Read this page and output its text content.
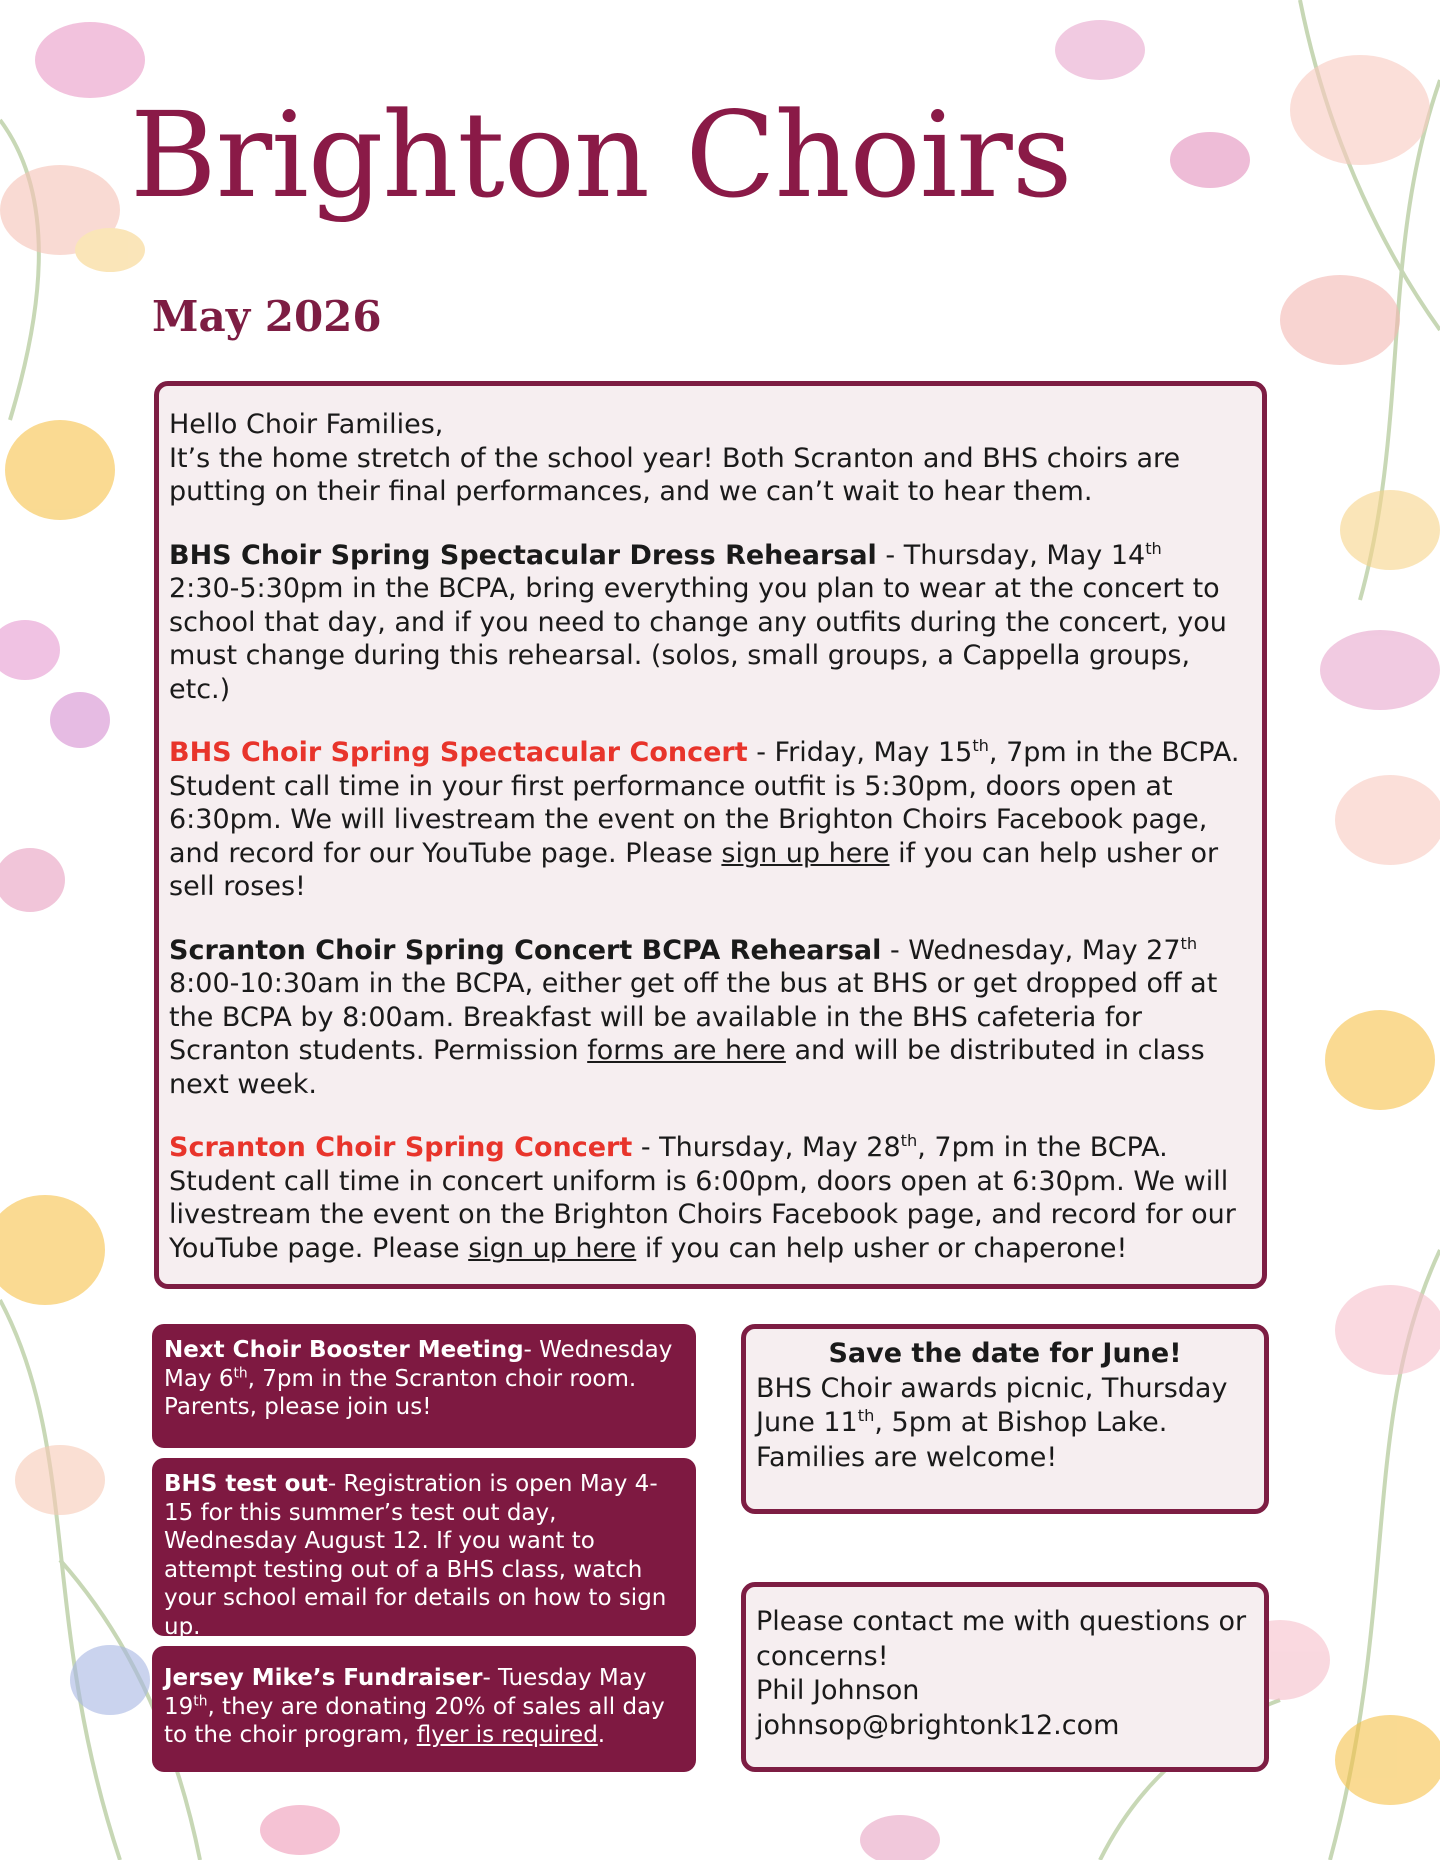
Brighton Choirs
May 2026

Hello Choir Families,
It’s the home stretch of the school year! Both Scranton and BHS choirs are putting on their final performances, and we can’t wait to hear them.

BHS Choir Spring Spectacular Dress Rehearsal - Thursday, May 14th 2:30-5:30pm in the BCPA, bring everything you plan to wear at the concert to school that day, and if you need to change any outfits during the concert, you must change during this rehearsal. (solos, small groups, a Cappella groups, etc.)

BHS Choir Spring Spectacular Concert - Friday, May 15th, 7pm in the BCPA. Student call time in your first performance outfit is 5:30pm, doors open at 6:30pm. We will livestream the event on the Brighton Choirs Facebook page, and record for our YouTube page. Please sign up here if you can help usher or sell roses!

Scranton Choir Spring Concert BCPA Rehearsal - Wednesday, May 27th 8:00-10:30am in the BCPA, either get off the bus at BHS or get dropped off at the BCPA by 8:00am. Breakfast will be available in the BHS cafeteria for Scranton students. Permission forms are here and will be distributed in class next week.

Scranton Choir Spring Concert - Thursday, May 28th, 7pm in the BCPA. Student call time in concert uniform is 6:00pm, doors open at 6:30pm. We will livestream the event on the Brighton Choirs Facebook page, and record for our YouTube page. Please sign up here if you can help usher or chaperone!

Next Choir Booster Meeting- Wednesday May 6th, 7pm in the Scranton choir room. Parents, please join us!
BHS test out- Registration is open May 4-15 for this summer’s test out day, Wednesday August 12. If you want to attempt testing out of a BHS class, watch your school email for details on how to sign up.
Jersey Mike’s Fundraiser- Tuesday May 19th, they are donating 20% of sales all day to the choir program, flyer is required.
Save the date for June!
BHS Choir awards picnic, Thursday June 11th, 5pm at Bishop Lake. Families are welcome!
Please contact me with questions or concerns!
Phil Johnson
johnsop@brightonk12.com
